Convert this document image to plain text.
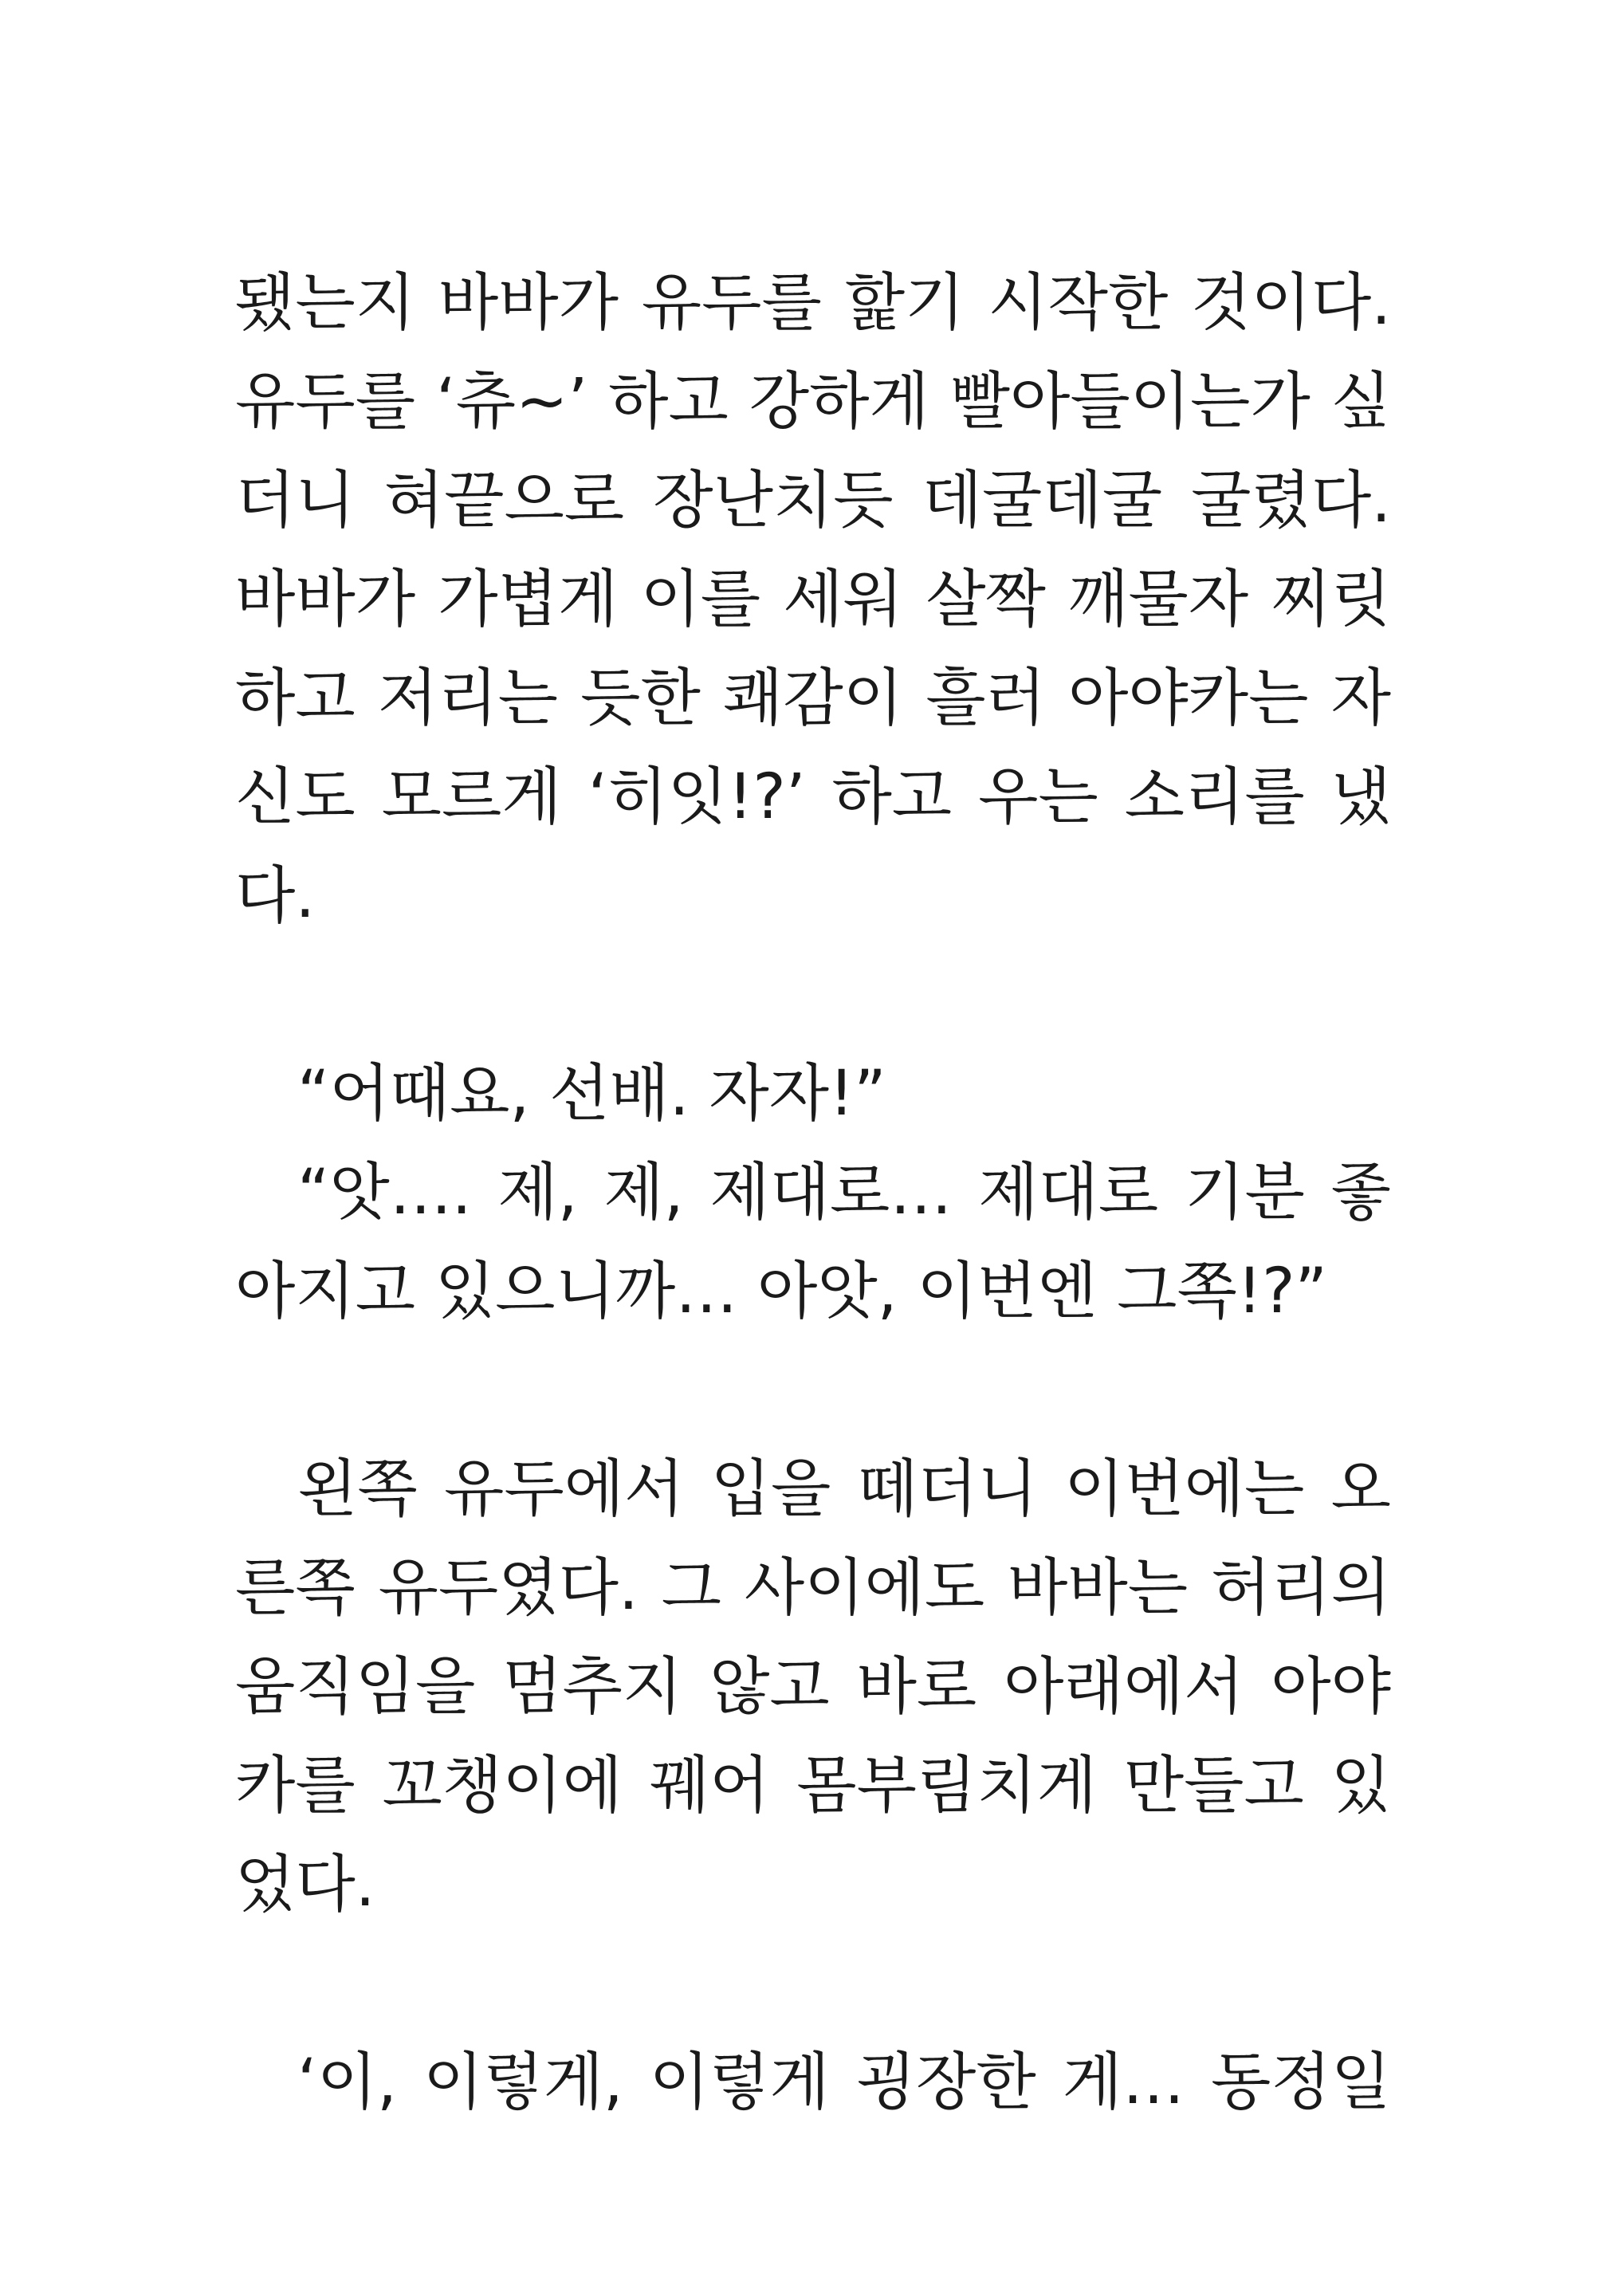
됐는지 바바가 유두를 핥기 시작한 것이다.
유두를 ‘츄~’ 하고 강하게 빨아들이는가 싶
더니 혀끝으로 장난치듯 데굴데굴 굴렸다.
바바가 가볍게 이를 세워 살짝 깨물자 찌릿
하고 저리는 듯한 쾌감이 흘러 아야카는 자
신도 모르게 ‘히잇!?’ 하고 우는 소리를 냈
다.
“어때요, 선배. 자자!”
“앗…. 제, 제, 제대로… 제대로 기분 좋
아지고 있으니까… 아앗, 이번엔 그쪽!?”
왼쪽 유두에서 입을 떼더니 이번에는 오
른쪽 유두였다. 그 사이에도 바바는 허리의
움직임을 멈추지 않고 바로 아래에서 아야
카를 꼬챙이에 꿰어 몸부림치게 만들고 있
었다.
‘이, 이렇게, 이렇게 굉장한 게… 동정일
